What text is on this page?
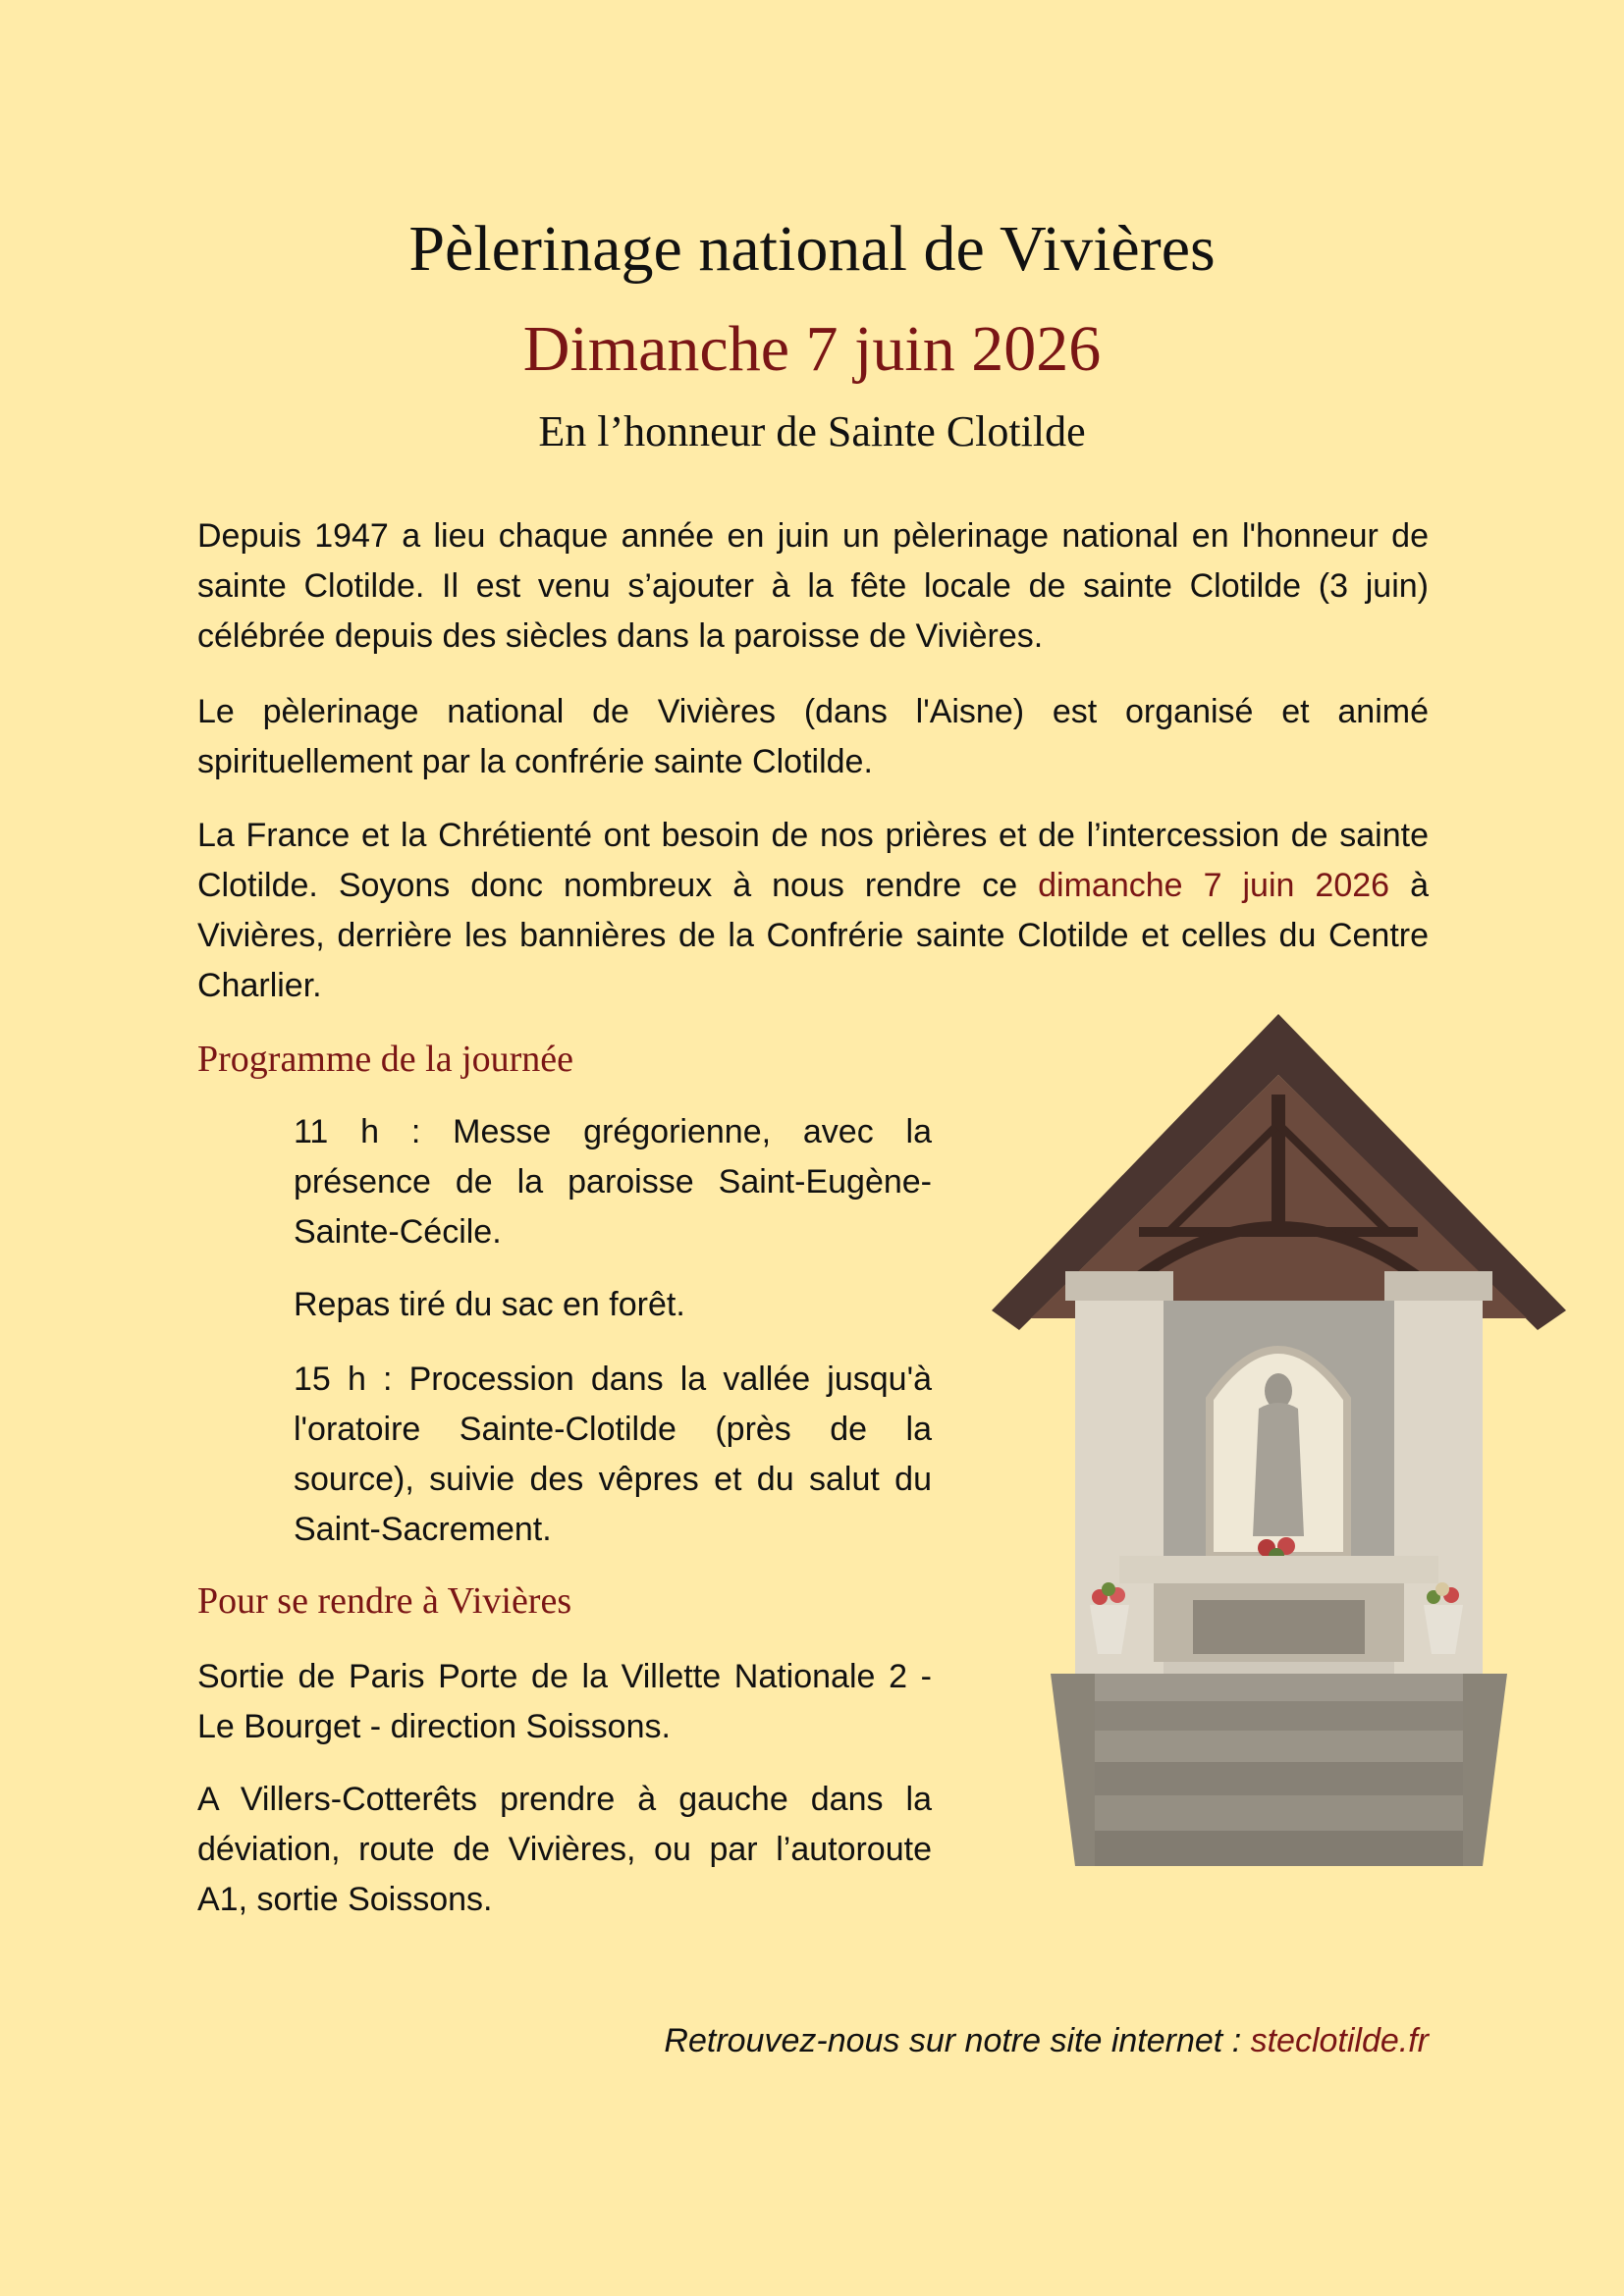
Pèlerinage national de Vivières
Dimanche 7 juin 2026
En l’honneur de Sainte Clotilde

Depuis 1947 a lieu chaque année en juin un pèlerinage national en l'honneur de sainte Clotilde. Il est venu s’ajouter à la fête locale de sainte Clotilde (3 juin) célébrée depuis des siècles dans la paroisse de Vivières.

Le pèlerinage national de Vivières (dans l'Aisne) est organisé et animé spirituellement par la confrérie sainte Clotilde.

La France et la Chrétienté ont besoin de nos prières et de l’intercession de sainte Clotilde. Soyons donc nombreux à nous rendre ce dimanche 7 juin 2026 à Vivières, derrière les bannières de la Confrérie sainte Clotilde et celles du Centre Charlier.

Programme de la journée

11 h : Messe grégorienne, avec la présence de la paroisse Saint-Eugène-Sainte-Cécile.

Repas tiré du sac en forêt.

15 h : Procession dans la vallée jusqu'à l'oratoire Sainte-Clotilde (près de la source), suivie des vêpres et du salut du Saint-Sacrement.

Pour se rendre à Vivières

Sortie de Paris Porte de la Villette Nationale 2 - Le Bourget - direction Soissons.

A Villers-Cotterêts prendre à gauche dans la déviation, route de Vivières, ou par l’autoroute A1, sortie Soissons.

Retrouvez-nous sur notre site internet : steclotilde.fr
